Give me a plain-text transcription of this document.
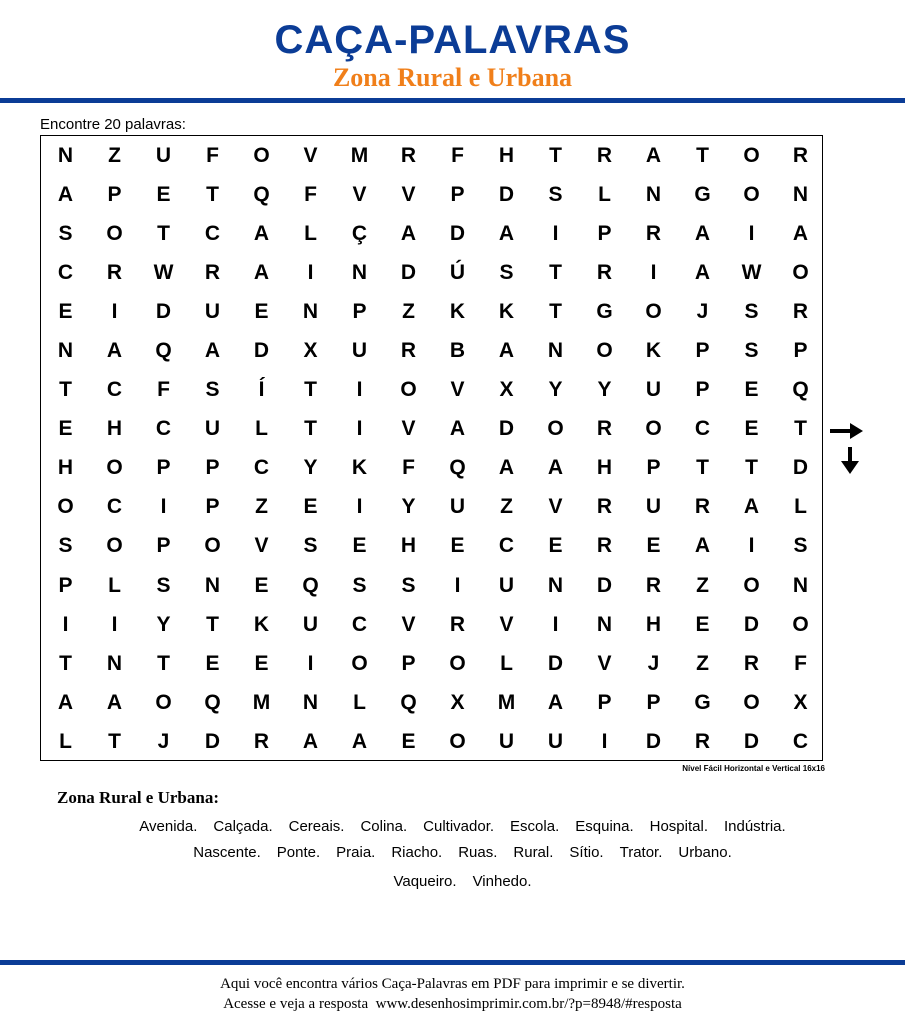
CAÇA-PALAVRAS
Zona Rural e Urbana
Encontre 20 palavras:
N	Z	U	F	O	V	M	R	F	H	T	R	A	T	O	R
A	P	E	T	Q	F	V	V	P	D	S	L	N	G	O	N
S	O	T	C	A	L	Ç	A	D	A	I	P	R	A	I	A
C	R	W	R	A	I	N	D	Ú	S	T	R	I	A	W	O
E	I	D	U	E	N	P	Z	K	K	T	G	O	J	S	R
N	A	Q	A	D	X	U	R	B	A	N	O	K	P	S	P
T	C	F	S	Í	T	I	O	V	X	Y	Y	U	P	E	Q
E	H	C	U	L	T	I	V	A	D	O	R	O	C	E	T
H	O	P	P	C	Y	K	F	Q	A	A	H	P	T	T	D
O	C	I	P	Z	E	I	Y	U	Z	V	R	U	R	A	L
S	O	P	O	V	S	E	H	E	C	E	R	E	A	I	S
P	L	S	N	E	Q	S	S	I	U	N	D	R	Z	O	N
I	I	Y	T	K	U	C	V	R	V	I	N	H	E	D	O
T	N	T	E	E	I	O	P	O	L	D	V	J	Z	R	F
A	A	O	Q	M	N	L	Q	X	M	A	P	P	G	O	X
L	T	J	D	R	A	A	E	O	U	U	I	D	R	D	C
Nível Fácil Horizontal e Vertical 16x16
Zona Rural e Urbana:
Avenida. Calçada. Cereais. Colina. Cultivador. Escola. Esquina. Hospital. Indústria.
Nascente. Ponte. Praia. Riacho. Ruas. Rural. Sítio. Trator. Urbano.
Vaqueiro. Vinhedo.
Aqui você encontra vários Caça-Palavras em PDF para imprimir e se divertir.
Acesse e veja a resposta  www.desenhosimprimir.com.br/?p=8948/#resposta
